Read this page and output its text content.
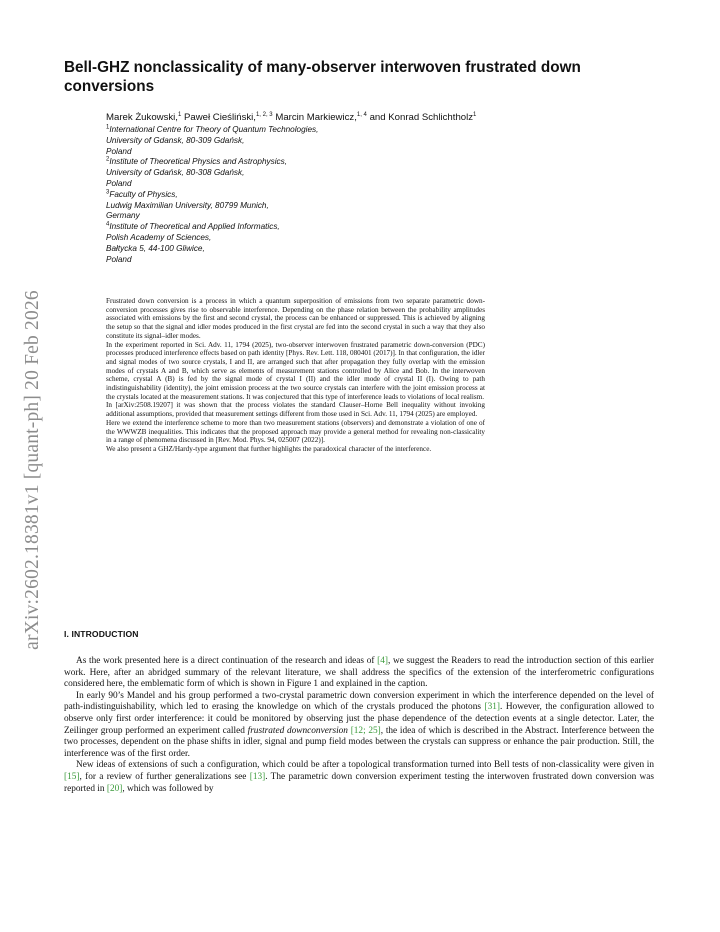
arXiv:2602.18381v1 [quant-ph] 20 Feb 2026
Bell-GHZ nonclassicality of many-observer interwoven frustrated down conversions
Marek Żukowski,$^1$ Paweł Cieśliński,$^{1, 2, 3}$ Marcin Markiewicz,$^{1, 4}$ and Konrad Schlichtholz$^1$
$^1$International Centre for Theory of Quantum Technologies,
University of Gdansk, 80-309 Gdańsk,
Poland
$^2$Institute of Theoretical Physics and Astrophysics,
University of Gdańsk, 80-308 Gdańsk,
Poland
$^3$Faculty of Physics,
Ludwig Maximilian University, 80799 Munich,
Germany
$^4$Institute of Theoretical and Applied Informatics,
Polish Academy of Sciences,
Bałtycka 5, 44-100 Gliwice,
Poland

Frustrated down conversion is a process in which a quantum superposition of emissions from two separate parametric down-conversion processes gives rise to observable interference. Depending on the phase relation between the probability amplitudes associated with emissions by the first and second crystal, the process can be enhanced or suppressed. This is achieved by aligning the setup so that the signal and idler modes produced in the first crystal are fed into the second crystal in such a way that they also constitute its signal–idler modes.

In the experiment reported in Sci. Adv. 11, 1794 (2025), two-observer interwoven frustrated parametric down-conversion (PDC) processes produced interference effects based on path identity [Phys. Rev. Lett. 118, 080401 (2017)]. In that configuration, the idler and signal modes of two source crystals, I and II, are arranged such that after propagation they fully overlap with the emission modes of crystals A and B, which serve as elements of measurement stations controlled by Alice and Bob. In the interwoven scheme, crystal A (B) is fed by the signal mode of crystal I (II) and the idler mode of crystal II (I). Owing to path indistinguishability (identity), the joint emission process at the two source crystals can interfere with the joint emission process at the crystals located at the measurement stations. It was conjectured that this type of interference leads to violations of local realism.

In [arXiv:2508.19207] it was shown that the process violates the standard Clauser–Horne Bell inequality without invoking additional assumptions, provided that measurement settings different from those used in Sci. Adv. 11, 1794 (2025) are employed.

Here we extend the interference scheme to more than two measurement stations (observers) and demonstrate a violation of one of the WWWZB inequalities. This indicates that the proposed approach may provide a general method for revealing non-classicality in a range of phenomena discussed in [Rev. Mod. Phys. 94, 025007 (2022)].

We also present a GHZ/Hardy-type argument that further highlights the paradoxical character of the interference.

I. INTRODUCTION

As the work presented here is a direct continuation of the research and ideas of [4], we suggest the Readers to read the introduction section of this earlier work. Here, after an abridged summary of the relevant literature, we shall address the specifics of the extension of the interferometric configurations considered here, the emblematic form of which is shown in Figure 1 and explained in the caption.

In early 90’s Mandel and his group performed a two-crystal parametric down conversion experiment in which the interference depended on the level of path-indistinguishability, which led to erasing the knowledge on which of the crystals produced the photons [31]. However, the configuration allowed to observe only first order interference: it could be monitored by observing just the phase dependence of the detection events at a single detector. Later, the Zeilinger group performed an experiment called frustrated downconversion [12; 25], the idea of which is described in the Abstract. Interference between the two processes, dependent on the phase shifts in idler, signal and pump field modes between the crystals can suppress or enhance the pair production. Still, the interference was of the first order.

New ideas of extensions of such a configuration, which could be after a topological transformation turned into Bell tests of non-classicality were given in [15], for a review of further generalizations see [13]. The parametric down conversion experiment testing the interwoven frustrated down conversion was reported in [20], which was followed by
